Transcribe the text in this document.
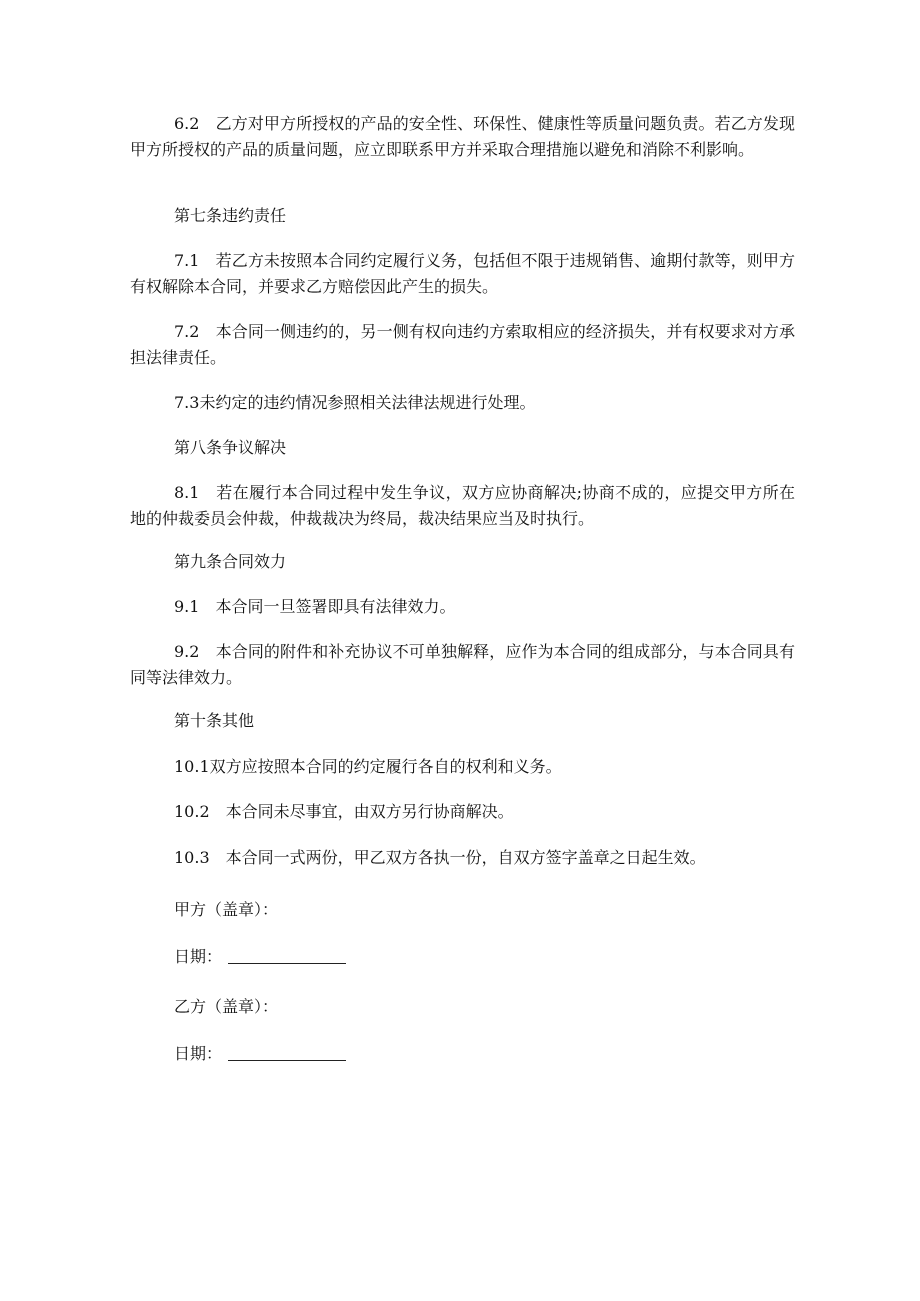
6.2　乙方对甲方所授权的产品的安全性、环保性、健康性等质量问题负责。若乙方发现甲方所授权的产品的质量问题，应立即联系甲方并采取合理措施以避免和消除不利影响。

第七条违约责任

7.1　若乙方未按照本合同约定履行义务，包括但不限于违规销售、逾期付款等，则甲方有权解除本合同，并要求乙方赔偿因此产生的损失。

7.2　本合同一侧违约的，另一侧有权向违约方索取相应的经济损失，并有权要求对方承担法律责任。

7.3未约定的违约情况参照相关法律法规进行处理。

第八条争议解决

8.1　若在履行本合同过程中发生争议，双方应协商解决;协商不成的，应提交甲方所在地的仲裁委员会仲裁，仲裁裁决为终局，裁决结果应当及时执行。

第九条合同效力

9.1　本合同一旦签署即具有法律效力。

9.2　本合同的附件和补充协议不可单独解释，应作为本合同的组成部分，与本合同具有同等法律效力。

第十条其他

10.1双方应按照本合同的约定履行各自的权利和义务。

10.2　本合同未尽事宜，由双方另行协商解决。

10.3　本合同一式两份，甲乙双方各执一份，自双方签字盖章之日起生效。

甲方（盖章）：

日期：

乙方（盖章）：

日期：
